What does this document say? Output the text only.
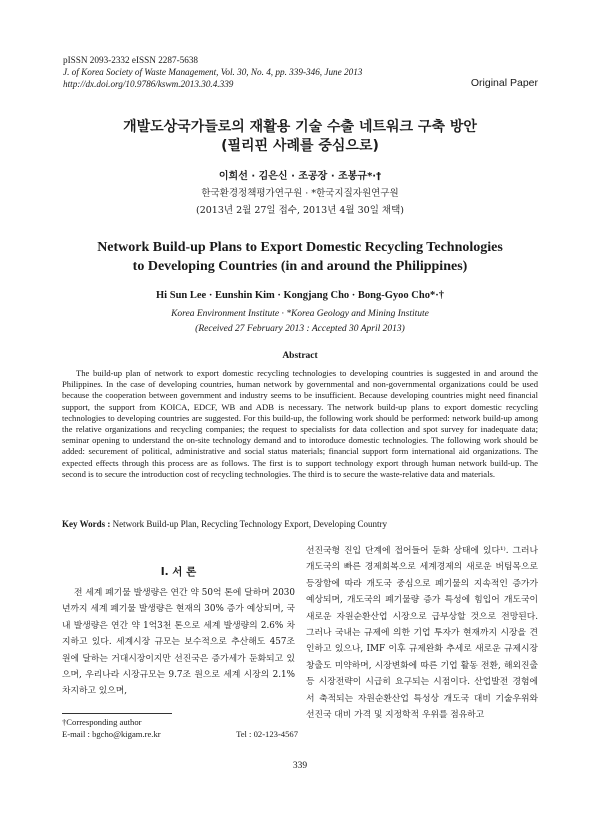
pISSN 2093-2332 eISSN 2287-5638
J. of Korea Society of Waste Management, Vol. 30, No. 4, pp. 339-346, June 2013
http://dx.doi.org/10.9786/kswm.2013.30.4.339	Original Paper
개발도상국가들로의 재활용 기술 수출 네트워크 구축 방안
(필리핀 사례를 중심으로)
이희선 · 김은신 · 조공장 · 조봉규*·†
한국환경정책평가연구원 · *한국지질자원연구원
(2013년 2월 27일 접수, 2013년 4월 30일 채택)
Network Build-up Plans to Export Domestic Recycling Technologies
to Developing Countries (in and around the Philippines)
Hi Sun Lee · Eunshin Kim · Kongjang Cho · Bong-Gyoo Cho*·†
Korea Environment Institute · *Korea Geology and Mining Institute
(Received 27 February 2013 : Accepted 30 April 2013)
Abstract

The build-up plan of network to export domestic recycling technologies to developing countries is suggested in and around the Philippines. In the case of developing countries, human network by governmental and non-governmental organizations could be used because the cooperation between government and industry seems to be insufficient. Because developing countries might need financial support, the support from KOICA, EDCF, WB and ADB is necessary. The network build-up plans to export domestic recycling technologies to developing countries are suggested. For this build-up, the following work should be performed: network build-up among the relative organizations and recycling companies; the request to specialists for data collection and spot survey for inadequate data; seminar opening to understand the on-site technology demand and to intoroduce domestic technologies. The following work should be added: securement of political, administrative and social status materials; financial support form international aid organizations. The expected effects through this process are as follows. The first is to support technology export through human network build-up. The second is to secure the introduction cost of recycling technologies. The third is to secure the waste-relative data and materials.

Key Words : Network Build-up Plan, Recycling Technology Export, Developing Country
I. 서 론

전 세계 폐기물 발생량은 연간 약 50억 톤에 달하며 2030년까지 세계 폐기물 발생량은 현재의 30% 증가 예상되며, 국내 발생량은 연간 약 1억3천 톤으로 세계 발생량의 2.6% 차지하고 있다. 세계시장 규모는 보수적으로 추산해도 457조 원에 달하는 거대시장이지만 선진국은 증가세가 둔화되고 있으며, 우리나라 시장규모는 9.7조 원으로 세계 시장의 2.1% 차지하고 있으며,

선진국형 진입 단계에 접어들어 둔화 상태에 있다¹⁾. 그러나 개도국의 빠른 경제회복으로 세계경제의 새로운 버팀목으로 등장함에 따라 개도국 중심으로 폐기물의 지속적인 증가가 예상되며, 개도국의 폐기물량 증가 특성에 힘입어 개도국이 새로운 자원순환산업 시장으로 급부상할 것으로 전망된다. 그러나 국내는 규제에 의한 기업 투자가 현재까지 시장을 견인하고 있으나, IMF 이후 규제완화 추세로 새로운 규제시장 창출도 미약하며, 시장변화에 따른 기업 활동 전환, 해외진출 등 시장전략이 시급히 요구되는 시점이다. 산업발전 경험에서 축적되는 자원순환산업 특성상 개도국 대비 기술우위와 선진국 대비 가격 및 지정학적 우위를 점유하고

†Corresponding author
E-mail : bgcho@kigam.re.kr	Tel : 02-123-4567
339
